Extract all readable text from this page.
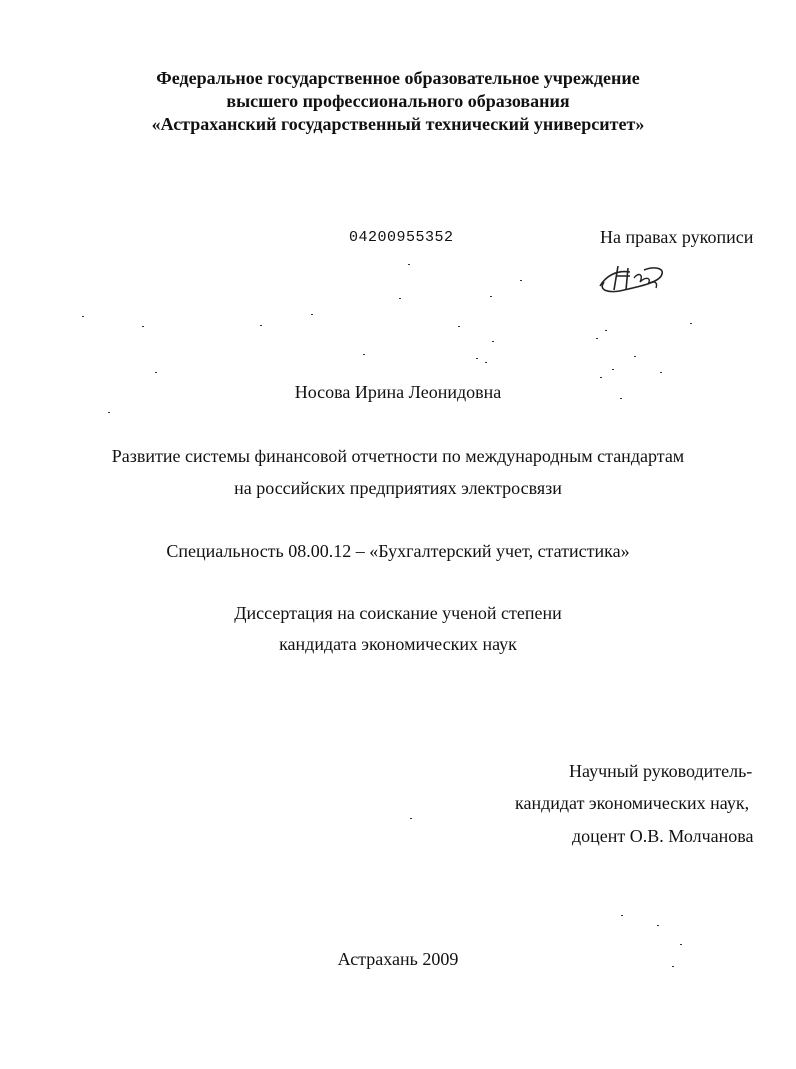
Федеральное государственное образовательное учреждение
высшего профессионального образования
«Астраханский государственный технический университет»
04200955352	На правах рукописи
Носова Ирина Леонидовна
Развитие системы финансовой отчетности по международным стандартам
на российских предприятиях электросвязи
Специальность 08.00.12 – «Бухгалтерский учет, статистика»
Диссертация на соискание ученой степени
кандидата экономических наук
Научный руководитель-
кандидат экономических наук,
доцент О.В. Молчанова
Астрахань 2009
